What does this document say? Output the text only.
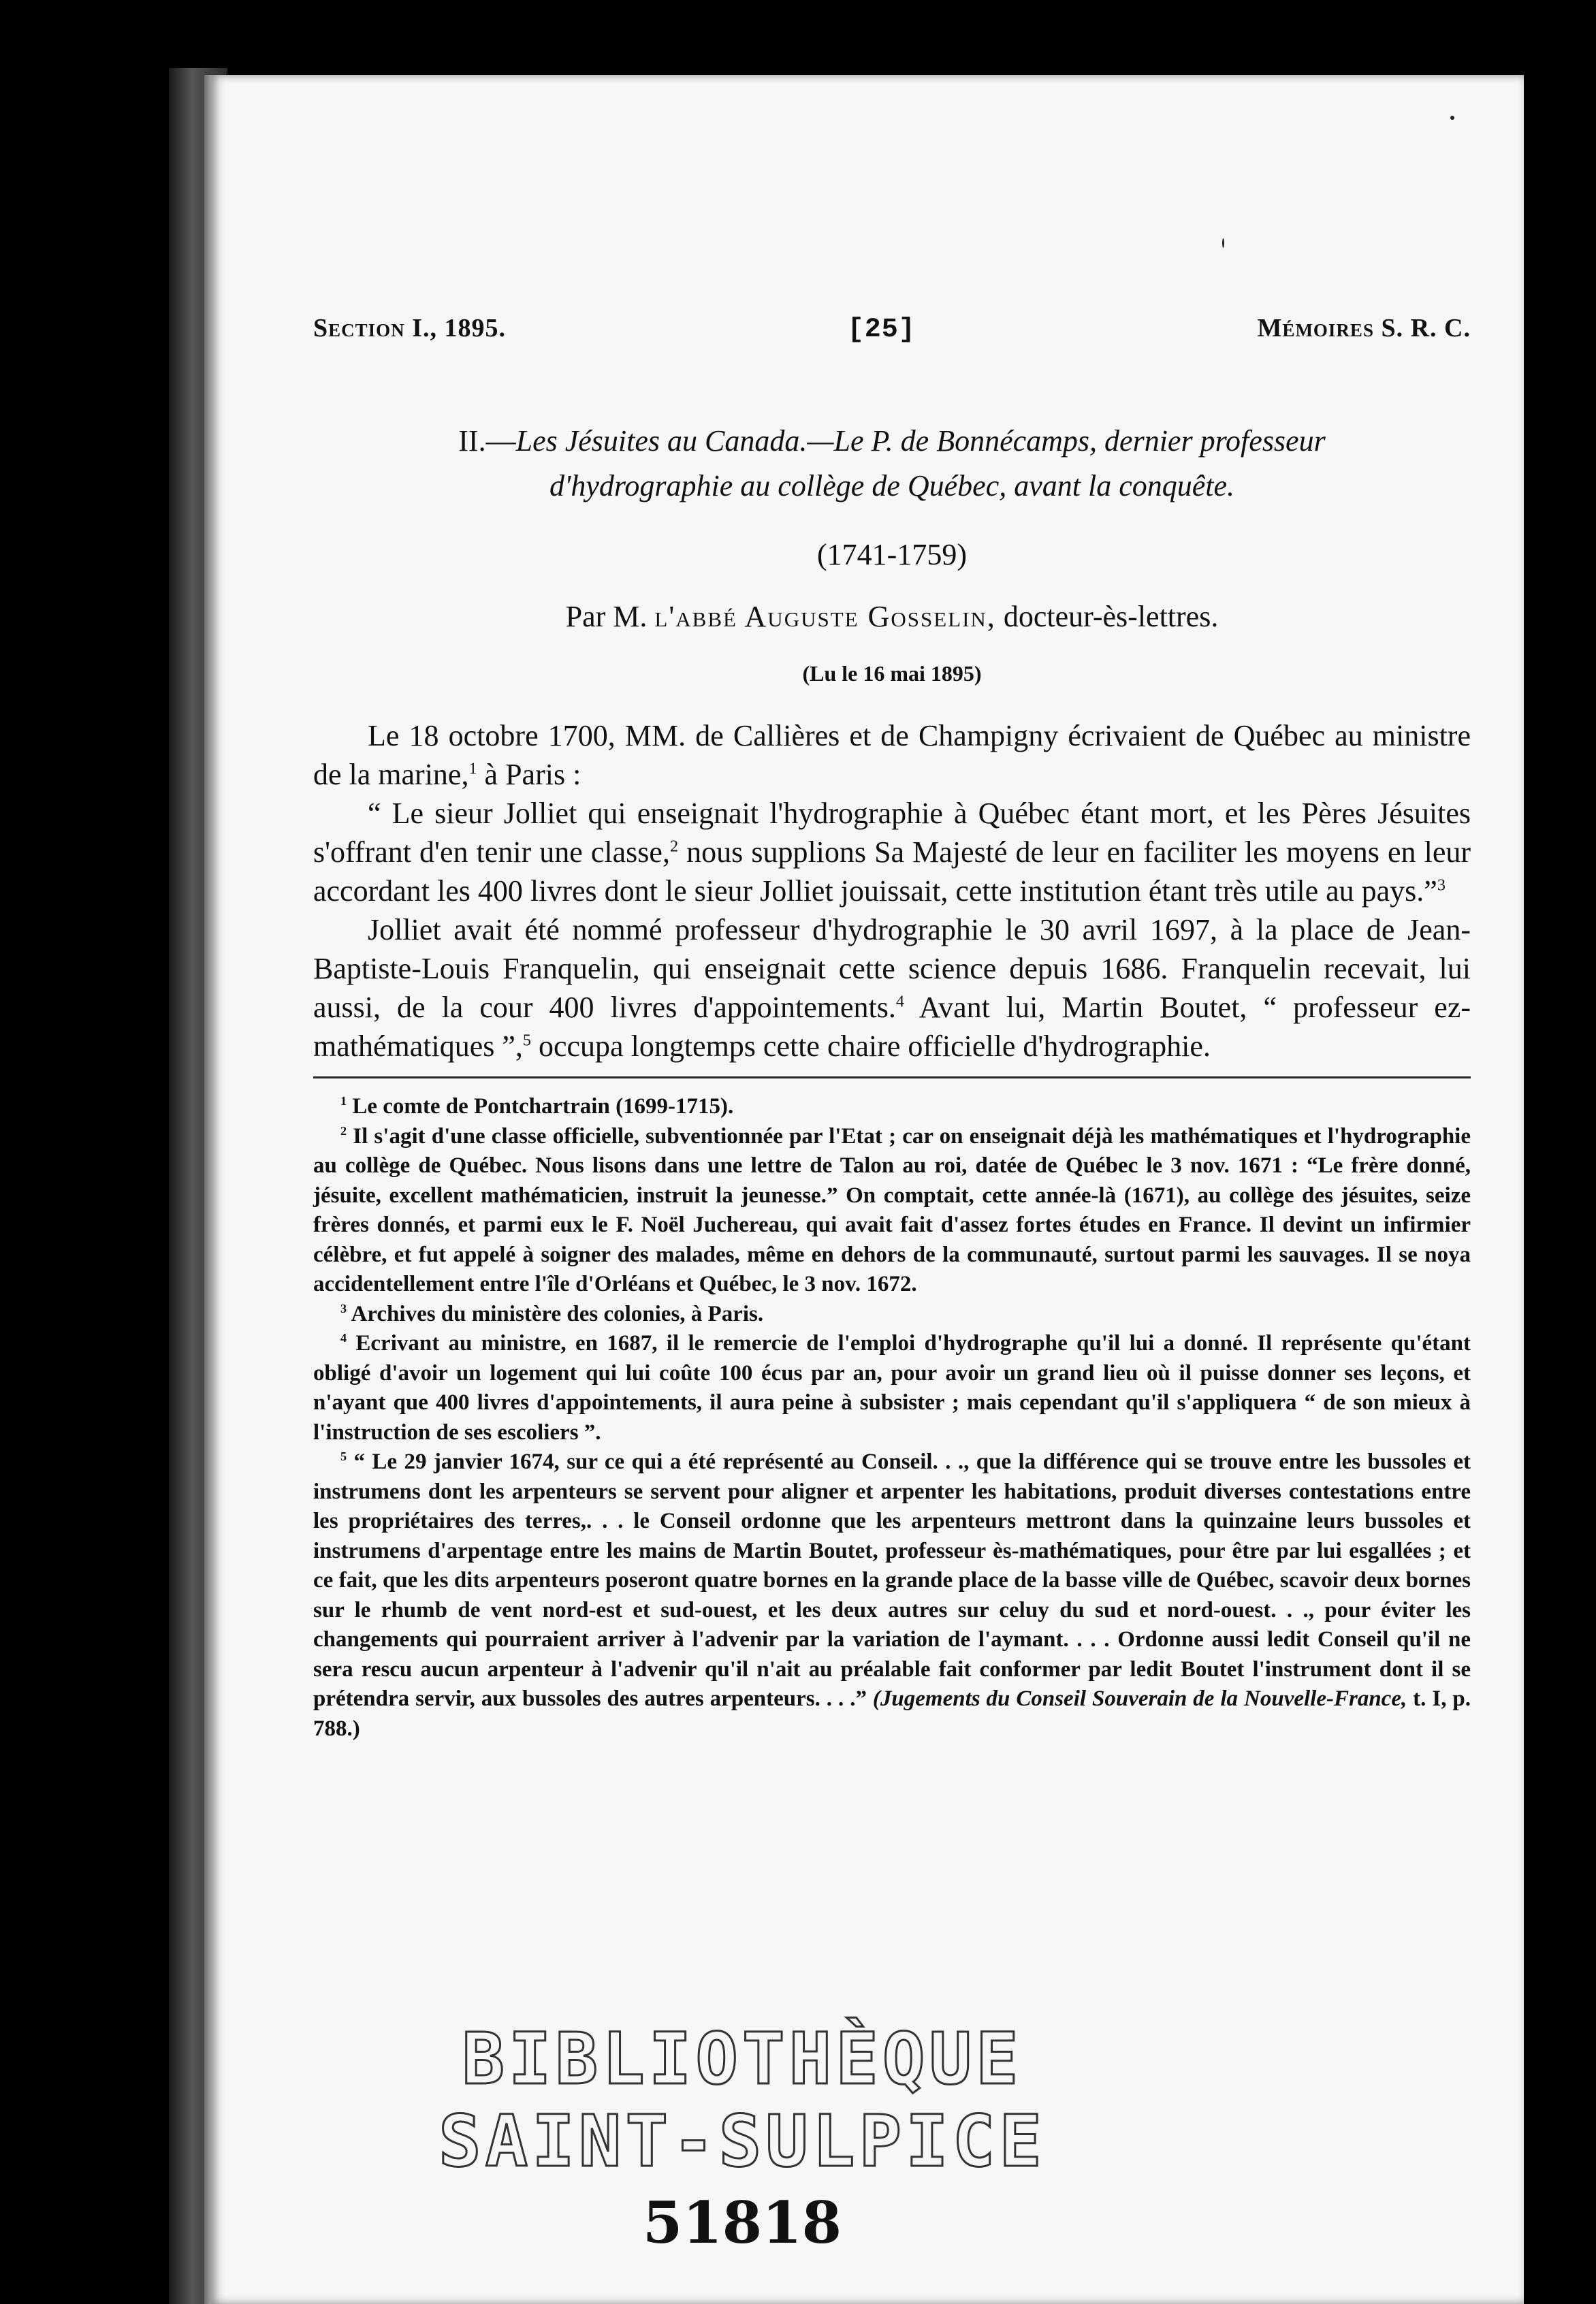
Section I., 1895.	[25]	Mémoires S. R. C.
II.—Les Jésuites au Canada.—Le P. de Bonnécamps, dernier professeur
d'hydrographie au collège de Québec, avant la conquête.
(1741-1759)
Par M. l'abbé Auguste Gosselin, docteur-ès-lettres.
(Lu le 16 mai 1895)

Le 18 octobre 1700, MM. de Callières et de Champigny écrivaient de Québec au ministre de la marine,$^1$ à Paris :

“ Le sieur Jolliet qui enseignait l'hydrographie à Québec étant mort, et les Pères Jésuites s'offrant d'en tenir une classe,$^2$ nous supplions Sa Majesté de leur en faciliter les moyens en leur accordant les 400 livres dont le sieur Jolliet jouissait, cette institution étant très utile au pays.”$^3$

Jolliet avait été nommé professeur d'hydrographie le 30 avril 1697, à la place de Jean-Baptiste-Louis Franquelin, qui enseignait cette science depuis 1686. Franquelin recevait, lui aussi, de la cour 400 livres d'appointements.$^4$ Avant lui, Martin Boutet, “ professeur ez-mathématiques ”,$^5$ occupa longtemps cette chaire officielle d'hydrographie.

$^1$ Le comte de Pontchartrain (1699-1715).

$^2$ Il s'agit d'une classe officielle, subventionnée par l'Etat ; car on enseignait déjà les mathématiques et l'hydrographie au collège de Québec. Nous lisons dans une lettre de Talon au roi, datée de Québec le 3 nov. 1671 : “Le frère donné, jésuite, excellent mathématicien, instruit la jeunesse.” On comptait, cette année-là (1671), au collège des jésuites, seize frères donnés, et parmi eux le F. Noël Juchereau, qui avait fait d'assez fortes études en France. Il devint un infirmier célèbre, et fut appelé à soigner des malades, même en dehors de la communauté, surtout parmi les sauvages. Il se noya accidentellement entre l'île d'Orléans et Québec, le 3 nov. 1672.

$^3$ Archives du ministère des colonies, à Paris.

$^4$ Ecrivant au ministre, en 1687, il le remercie de l'emploi d'hydrographe qu'il lui a donné. Il représente qu'étant obligé d'avoir un logement qui lui coûte 100 écus par an, pour avoir un grand lieu où il puisse donner ses leçons, et n'ayant que 400 livres d'appointements, il aura peine à subsister ; mais cependant qu'il s'appliquera “ de son mieux à l'instruction de ses escoliers ”.

$^5$ “ Le 29 janvier 1674, sur ce qui a été représenté au Conseil. . ., que la différence qui se trouve entre les bussoles et instrumens dont les arpenteurs se servent pour aligner et arpenter les habitations, produit diverses contestations entre les propriétaires des terres,. . . le Conseil ordonne que les arpenteurs mettront dans la quinzaine leurs bussoles et instrumens d'arpentage entre les mains de Martin Boutet, professeur ès-mathématiques, pour être par lui esgallées ; et ce fait, que les dits arpenteurs poseront quatre bornes en la grande place de la basse ville de Québec, scavoir deux bornes sur le rhumb de vent nord-est et sud-ouest, et les deux autres sur celuy du sud et nord-ouest. . ., pour éviter les changements qui pourraient arriver à l'advenir par la variation de l'aymant. . . . Ordonne aussi ledit Conseil qu'il ne sera rescu aucun arpenteur à l'advenir qu'il n'ait au préalable fait conformer par ledit Boutet l'instrument dont il se prétendra servir, aux bussoles des autres arpenteurs. . . .” (Jugements du Conseil Souverain de la Nouvelle-France, t. I, p. 788.)

BIBLIOTHÈQUE
SAINT-SULPICE
51818
